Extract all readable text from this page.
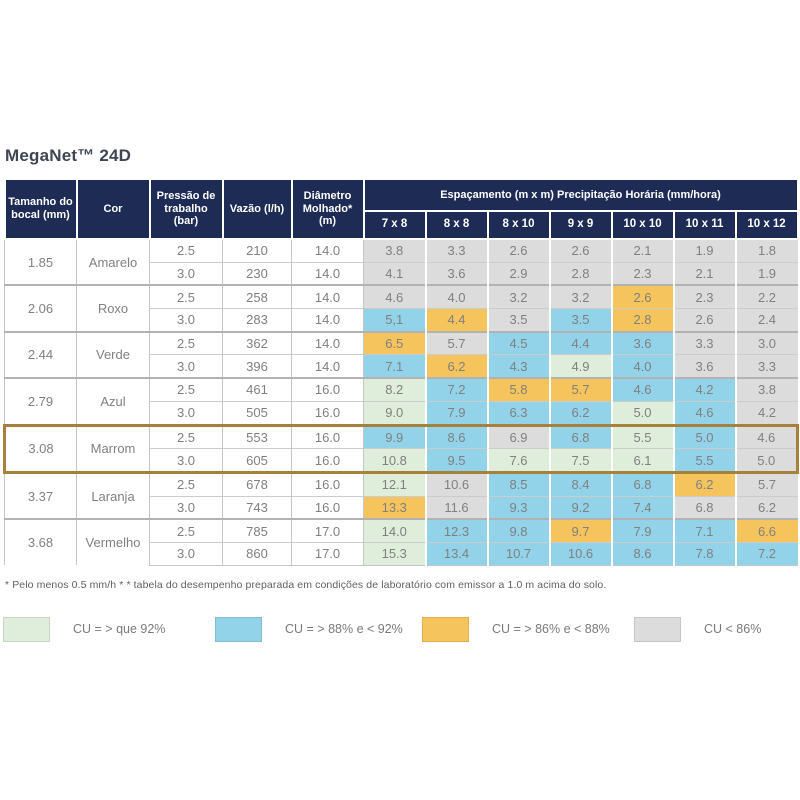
MegaNet™ 24D
Tamanho do bocal (mm)	Cor	Pressão de trabalho (bar)	Vazão (l/h)	Diâmetro Molhado* (m)	Espaçamento (m x m) Precipitação Horária (mm/hora)						
					7 x 8	8 x 8	8 x 10	9 x 9	10 x 10	10 x 11	10 x 12
1.85	Amarelo	2.5	210	14.0	3.8	3.3	2.6	2.6	2.1	1.9	1.8
		3.0	230	14.0	4.1	3.6	2.9	2.8	2.3	2.1	1.9
2.06	Roxo	2.5	258	14.0	4.6	4.0	3.2	3.2	2.6	2.3	2.2
		3.0	283	14.0	5,1	4.4	3.5	3.5	2.8	2.6	2.4
2.44	Verde	2.5	362	14.0	6.5	5.7	4.5	4.4	3.6	3.3	3.0
		3.0	396	14.0	7.1	6.2	4.3	4.9	4.0	3.6	3.3
2.79	Azul	2.5	461	16.0	8.2	7.2	5.8	5.7	4.6	4.2	3.8
		3.0	505	16.0	9.0	7.9	6.3	6.2	5.0	4.6	4.2
3.08	Marrom	2.5	553	16.0	9.9	8.6	6.9	6.8	5.5	5.0	4.6
		3.0	605	16.0	10.8	9.5	7.6	7.5	6.1	5.5	5.0
3.37	Laranja	2.5	678	16.0	12.1	10.6	8.5	8.4	6.8	6.2	5.7
		3.0	743	16.0	13.3	11.6	9.3	9.2	7.4	6.8	6.2
3.68	Vermelho	2.5	785	17.0	14.0	12.3	9.8	9.7	7.9	7.1	6.6
		3.0	860	17.0	15.3	13.4	10.7	10.6	8.6	7.8	7.2

* Pelo menos 0.5 mm/h * * tabela do desempenho preparada em condições de laboratório com emissor a 1.0 m acima do solo.

CU = > que 92%	CU = > 88% e < 92%	CU = > 86% e < 88%	CU < 86%
